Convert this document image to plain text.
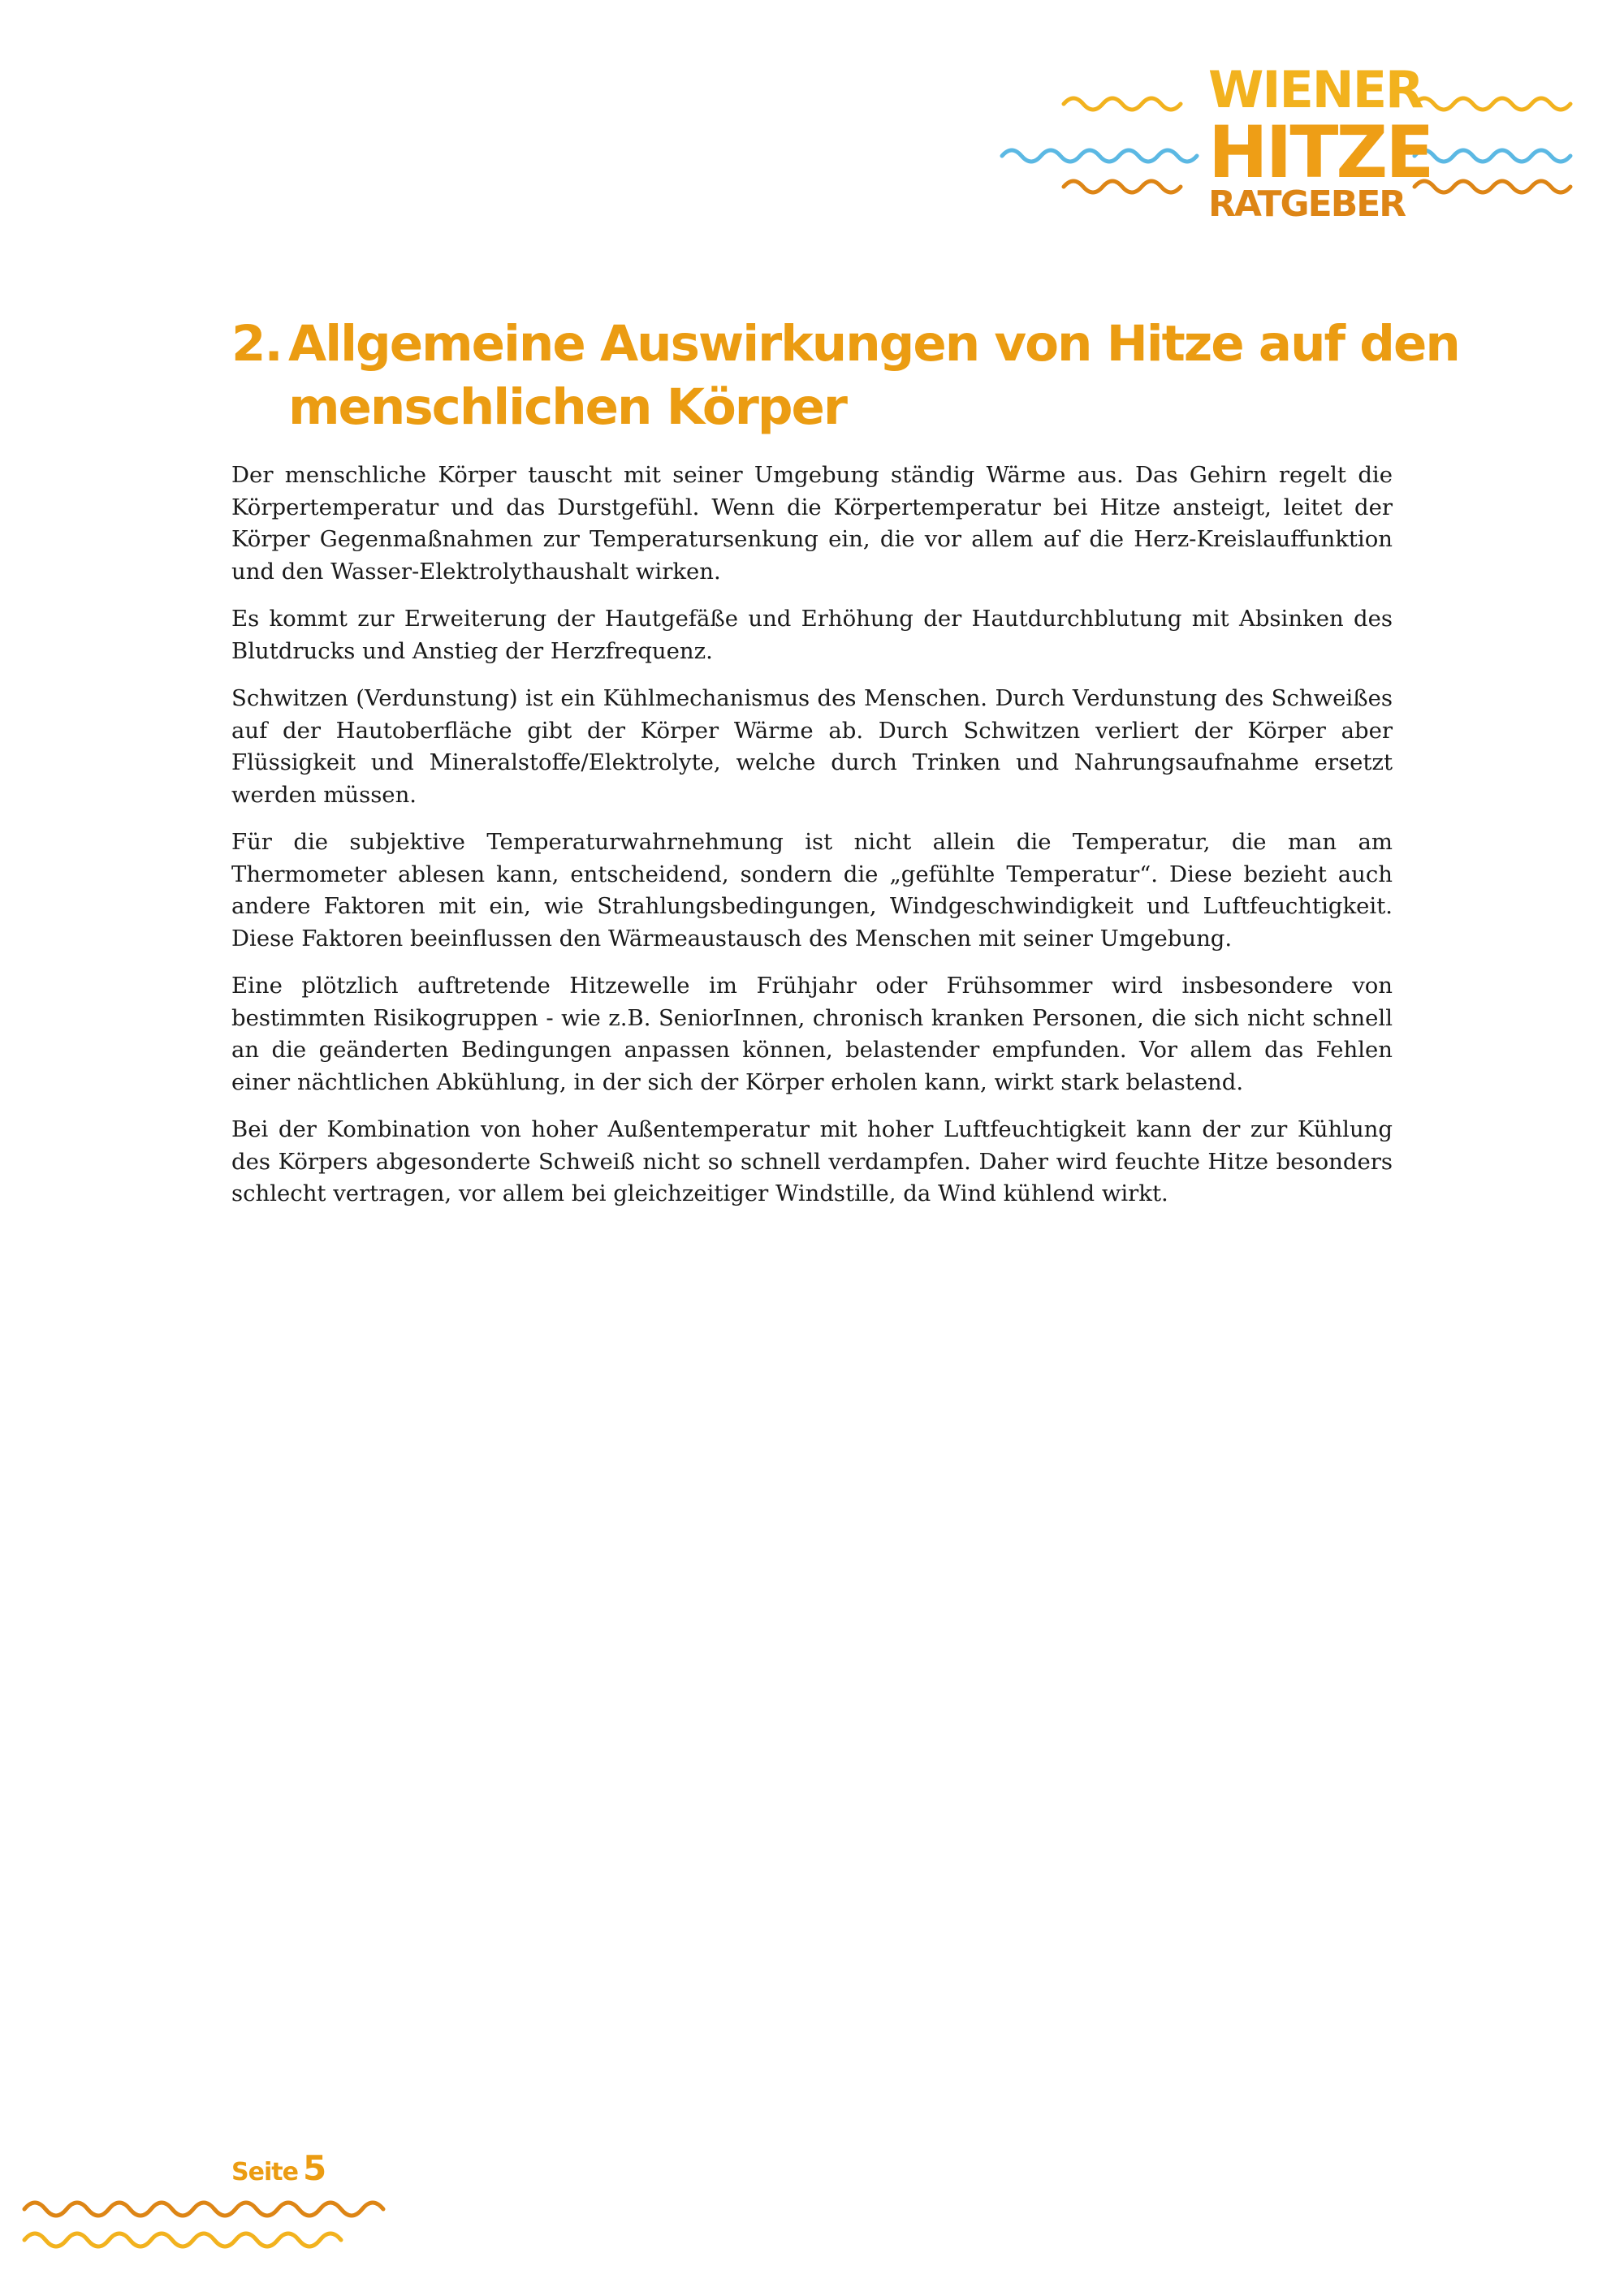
WIENER
HITZE
RATGEBER
2. Allgemeine Auswirkungen von Hitze auf den
menschlichen Körper

Der menschliche Körper tauscht mit seiner Umgebung ständig Wärme aus. Das Gehirn regelt die Körpertemperatur und das Durstgefühl. Wenn die Körpertemperatur bei Hitze ansteigt, leitet der Körper Gegenmaßnahmen zur Temperatursenkung ein, die vor allem auf die Herz-Kreislauffunktion und den Wasser-Elektrolythaushalt wirken.

Es kommt zur Erweiterung der Hautgefäße und Erhöhung der Hautdurchblutung mit Absinken des Blutdrucks und Anstieg der Herzfrequenz.

Schwitzen (Verdunstung) ist ein Kühlmechanismus des Menschen. Durch Verdunstung des Schweißes auf der Hautoberfläche gibt der Körper Wärme ab. Durch Schwitzen verliert der Körper aber Flüssigkeit und Mineralstoffe/Elektrolyte, welche durch Trinken und Nahrungsaufnahme ersetzt werden müssen.

Für die subjektive Temperaturwahrnehmung ist nicht allein die Temperatur, die man am Thermometer ablesen kann, entscheidend, sondern die „gefühlte Temperatur“. Diese bezieht auch andere Faktoren mit ein, wie Strahlungsbedingungen, Windgeschwindigkeit und Luftfeuchtigkeit. Diese Faktoren beeinflussen den Wärmeaustausch des Menschen mit seiner Umgebung.

Eine plötzlich auftretende Hitzewelle im Frühjahr oder Frühsommer wird insbesondere von bestimmten Risikogruppen - wie z.B. SeniorInnen, chronisch kranken Personen, die sich nicht schnell an die geänderten Bedingungen anpassen können, belastender empfunden. Vor allem das Fehlen einer nächtlichen Abkühlung, in der sich der Körper erholen kann, wirkt stark belastend.

Bei der Kombination von hoher Außentemperatur mit hoher Luftfeuchtigkeit kann der zur Kühlung des Körpers abgesonderte Schweiß nicht so schnell verdampfen. Daher wird feuchte Hitze besonders schlecht vertragen, vor allem bei gleichzeitiger Windstille, da Wind kühlend wirkt.

Seite 5
